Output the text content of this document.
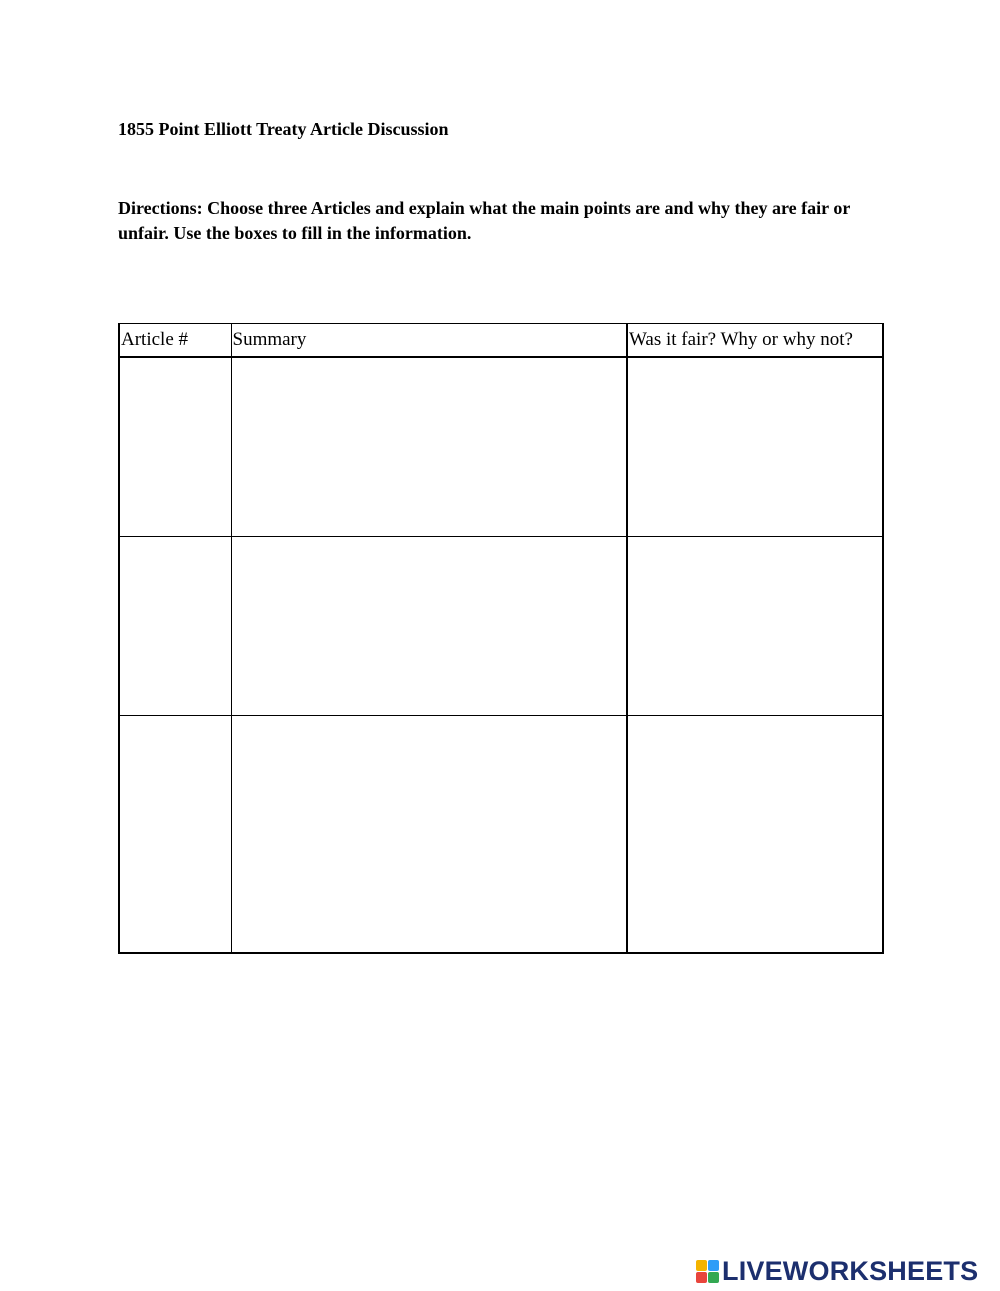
1855 Point Elliott Treaty Article Discussion
Directions: Choose three Articles and explain what the main points are and why they are fair or unfair. Use the boxes to fill in the information.
Article #	Summary	Was it fair? Why or why not?

LIVEWORKSHEETS
